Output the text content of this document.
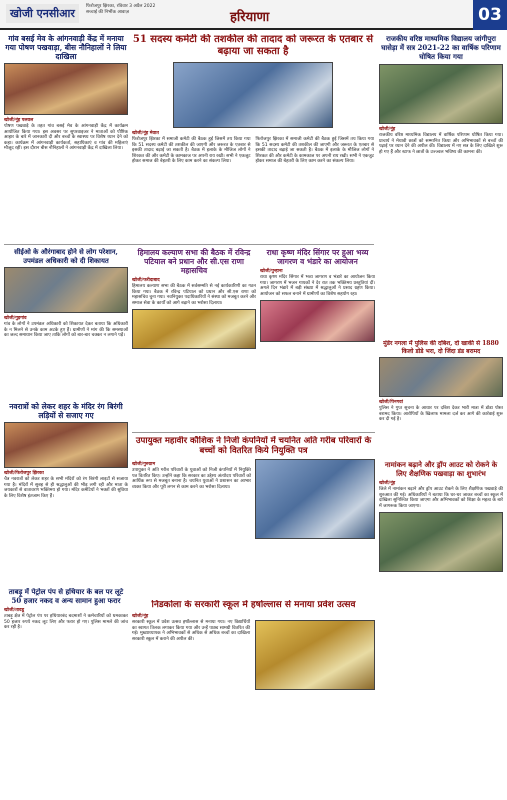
खोजी एनसीआर
फिरोजपुर झिरका, रविवार 3 अप्रैल 2022
सच्चाई की निर्भीक आवाज़	हरियाणा	03
गांव बसई मेव के आंगनवाड़ी केंद्र में मनाया गया पोषण पखवाड़ा, बीस नौनिहालों ने लिया दाखिला
खोजी/नूंह पलवल
पोषण पखवाड़े के तहत गांव बसई मेव के आंगनवाड़ी केंद्र में कार्यक्रम आयोजित किया गया। इस अवसर पर सुपरवाइजर ने माताओं को पौष्टिक आहार के बारे में जानकारी दी और बच्चों के स्वास्थ्य पर विशेष ध्यान देने को कहा। कार्यक्रम में आंगनवाड़ी कार्यकर्ता, सहायिकाएं व गांव की महिलाएं मौजूद रहीं। इस दौरान बीस नौनिहालों ने आंगनवाड़ी केंद्र में दाखिला लिया।
51 सदस्य कमेटी की तशकील की तादाद को जरूरत के एतबार से बढ़ाया जा सकता है
खोजी/नूंह मेवात
फिरोजपुर झिरका में समाजी कमेटी की बैठक हुई जिसमें तय किया गया कि 51 सदस्य कमेटी की तशकील की जाएगी और जरूरत के एतबार से इसकी तादाद बढ़ाई जा सकती है। बैठक में इलाके के मौजिज लोगों ने शिरकत की और कमेटी के कामकाज पर अपनी राय रखी। सभी ने एकजुट होकर समाज की बेहतरी के लिए काम करने का संकल्प लिया।
फिरोजपुर झिरका में समाजी कमेटी की बैठक हुई जिसमें तय किया गया कि 51 सदस्य कमेटी की तशकील की जाएगी और जरूरत के एतबार से इसकी तादाद बढ़ाई जा सकती है। बैठक में इलाके के मौजिज लोगों ने शिरकत की और कमेटी के कामकाज पर अपनी राय रखी। सभी ने एकजुट होकर समाज की बेहतरी के लिए काम करने का संकल्प लिया।
राजकीय वरिष्ठ माध्यमिक विद्यालय जांगीपुरा घासेड़ा में सत्र 2021-22 का वार्षिक परिणाम घोषित किया गया
खोजी/नूंह
राजकीय वरिष्ठ माध्यमिक विद्यालय में वार्षिक परिणाम घोषित किया गया। प्राचार्य ने मेधावी छात्रों को सम्मानित किया और अभिभावकों से बच्चों की पढ़ाई पर ध्यान देने की अपील की। विद्यालय में नए सत्र के लिए दाखिले शुरू हो गए हैं और स्टाफ ने छात्रों के उज्ज्वल भविष्य की कामना की।
सीईओ के औरंगाबाद होने से लोग परेशान, उपमंडल अधिकारी को दी शिकायत
खोजी/गुड़गांव
गांव के लोगों ने उपमंडल अधिकारी को शिकायत देकर बताया कि अधिकारी के न मिलने से उनके काम अटके हुए हैं। ग्रामीणों ने मांग की कि समस्याओं का जल्द समाधान किया जाए ताकि लोगों को बार-बार चक्कर न लगाने पड़ें।
हिमालय कल्याण सभा की बैठक में रविन्द्र पटियाल बने प्रधान और सी.एस राणा महासचिव
खोजी/फरीदाबाद
हिमालय कल्याण सभा की बैठक में सर्वसम्मति से नई कार्यकारिणी का गठन किया गया। बैठक में रविन्द्र पटियाल को प्रधान और सी.एस राणा को महासचिव चुना गया। नवनियुक्त पदाधिकारियों ने संस्था को मजबूत करने और समाज सेवा के कार्यों को आगे बढ़ाने का भरोसा दिलाया।
राधा कृष्ण मंदिर सिंगार पर हुआ भव्य जागरण व भंडारे का आयोजन
खोजी/पुन्हाना
राधा कृष्ण मंदिर सिंगार में भव्य जागरण व भंडारे का आयोजन किया गया। जागरण में भजन गायकों ने देर रात तक भक्तिमय प्रस्तुतियां दीं। अगले दिन भंडारे में बड़ी संख्या में श्रद्धालुओं ने प्रसाद ग्रहण किया। आयोजन को सफल बनाने में ग्रामीणों का विशेष सहयोग रहा।
मुंडेर नगला में पुलिस की दबिश, दो खाकी से 1880 किलो डोडे भरा, दो जिंदा डंड बरामद
खोजी/पिनगवां
पुलिस ने गुप्त सूचना के आधार पर दबिश देकर भारी मात्रा में डोडा पोस्त बरामद किया। आरोपियों के खिलाफ मामला दर्ज कर आगे की कार्रवाई शुरू कर दी गई है।
नवरात्रों को लेकर शहर के मंदिर रंग बिरंगी लड़ियों से सजाए गए
खोजी/फिरोजपुर झिरका
चैत्र नवरात्रों को लेकर शहर के सभी मंदिरों को रंग बिरंगी लाइटों से सजाया गया है। मंदिरों में सुबह से ही श्रद्धालुओं की भीड़ लगी रही और माता के जयकारों से वातावरण भक्तिमय हो गया। मंदिर कमेटियों ने भक्तों की सुविधा के लिए विशेष इंतजाम किए हैं।
उपायुक्त महावीर कौशिक ने निजी कंपनियों में चयनित अति गरीब परिवारों के बच्चों को वितरित किये नियुक्ति पत्र
खोजी/गुरुग्राम
उपायुक्त ने अति गरीब परिवारों के युवाओं को निजी कंपनियों में नियुक्ति पत्र वितरित किए। उन्होंने कहा कि सरकार का उद्देश्य अंत्योदय परिवारों को आर्थिक रूप से मजबूत बनाना है। चयनित युवाओं ने प्रशासन का आभार व्यक्त किया और पूरी लगन से काम करने का भरोसा दिलाया।
नामांकन बढ़ाने और ड्रॉप आउट को रोकने के लिए शैक्षणिक पखवाड़ा का शुभारंभ
खोजी/नूंह
जिले में नामांकन बढ़ाने और ड्रॉप आउट रोकने के लिए शैक्षणिक पखवाड़े की शुरुआत की गई। अधिकारियों ने बताया कि घर-घर जाकर बच्चों का स्कूल में दाखिला सुनिश्चित किया जाएगा और अभिभावकों को शिक्षा के महत्व के बारे में जागरूक किया जाएगा।
ताबड़ू में पेट्रोल पंप से हथियार के बल पर लूटे 50 हजार नकद व अन्य सामान हुआ फरार
खोजी/तावडू
ताबड़ू क्षेत्र में पेट्रोल पंप पर हथियारबंद बदमाशों ने कर्मचारियों को धमकाकर 50 हजार रुपये नकद लूट लिए और फरार हो गए। पुलिस मामले की जांच कर रही है।
निडकोला के सरकारी स्कूल में हर्षोल्लास से मनाया प्रवेश उत्सव
खोजी/नूंह
सरकारी स्कूल में प्रवेश उत्सव हर्षोल्लास से मनाया गया। नए विद्यार्थियों का स्वागत तिलक लगाकर किया गया और उन्हें पाठ्य सामग्री वितरित की गई। मुख्याध्यापक ने अभिभावकों से अधिक से अधिक बच्चों का दाखिला सरकारी स्कूल में कराने की अपील की।
